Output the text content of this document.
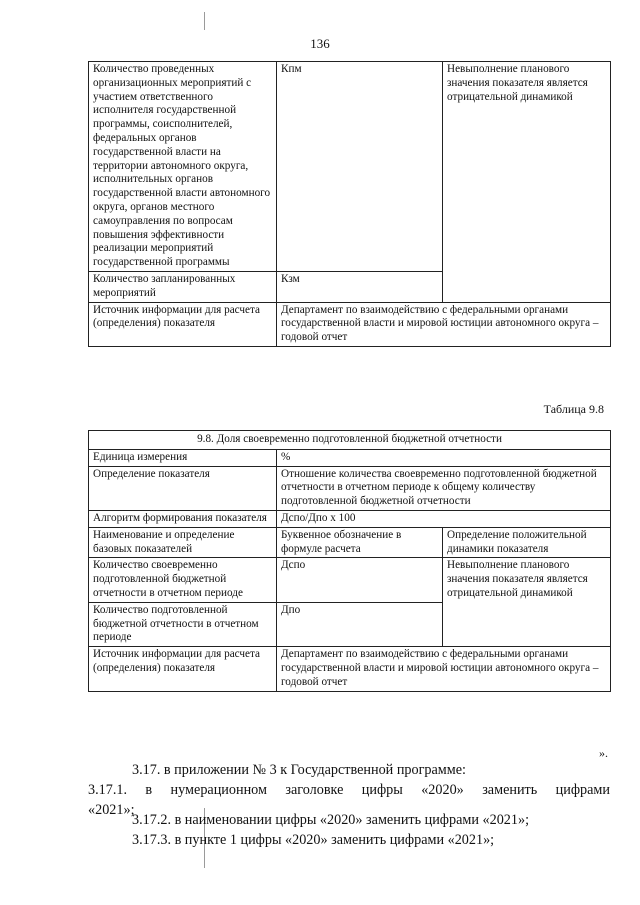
136
Количество проведенных организационных мероприятий с участием ответственного исполнителя государственной программы, соисполнителей, федеральных органов государственной власти на территории автономного округа, исполнительных органов государственной власти автономного округа, органов местного самоуправления по вопросам повышения эффективности реализации мероприятий государственной программы	Кпм	Невыполнение планового значения показателя является отрицательной динамикой
Количество запланированных мероприятий	Кзм	
Источник информации для расчета (определения) показателя	Департамент по взаимодействию с федеральными органами государственной власти и мировой юстиции автономного округа – годовой отчет	
Таблица 9.8
9.8. Доля своевременно подготовленной бюджетной отчетности		
Единица измерения	%	
Определение показателя	Отношение количества своевременно подготовленной бюджетной отчетности в отчетном периоде к общему количеству подготовленной бюджетной отчетности	
Алгоритм формирования показателя	Дспо/Дпо х 100	
Наименование и определение базовых показателей	Буквенное обозначение в формуле расчета	Определение положительной динамики показателя
Количество своевременно подготовленной бюджетной отчетности в отчетном периоде	Дспо	Невыполнение планового значения показателя является отрицательной динамикой
Количество подготовленной бюджетной отчетности в отчетном периоде	Дпо	
Источник информации для расчета (определения) показателя	Департамент по взаимодействию с федеральными органами государственной власти и мировой юстиции автономного округа – годовой отчет	
».
3.17. в приложении № 3 к Государственной программе:
3.17.1. в нумерационном заголовке цифры «2020» заменить цифрами
«2021»;
3.17.2. в наименовании цифры «2020» заменить цифрами «2021»;
3.17.3. в пункте 1 цифры «2020» заменить цифрами «2021»;
